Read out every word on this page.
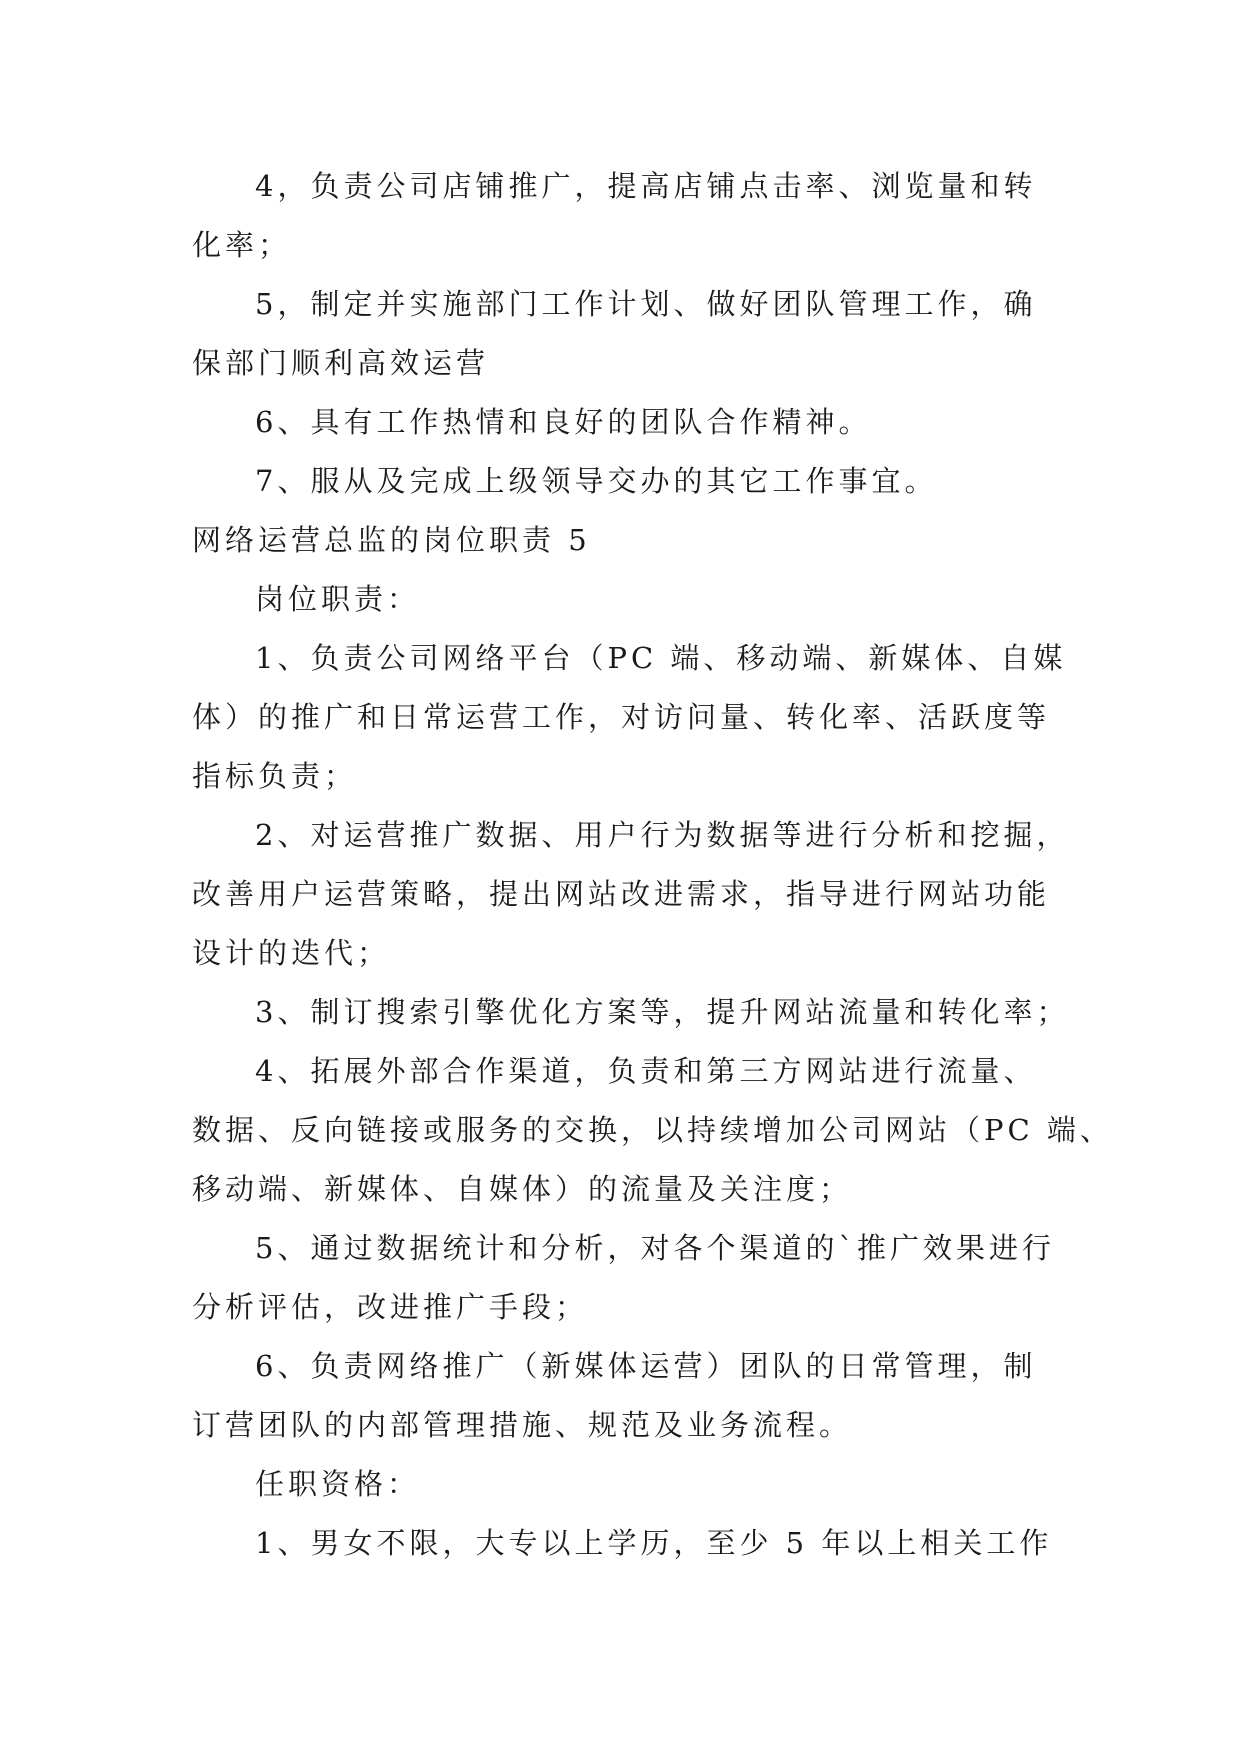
4，负责公司店铺推广，提高店铺点击率、浏览量和转
化率；
5，制定并实施部门工作计划、做好团队管理工作，确
保部门顺利高效运营
6、具有工作热情和良好的团队合作精神。
7、服从及完成上级领导交办的其它工作事宜。
网络运营总监的岗位职责 5
岗位职责：
1、负责公司网络平台（PC 端、移动端、新媒体、自媒
体）的推广和日常运营工作，对访问量、转化率、活跃度等
指标负责；
2、对运营推广数据、用户行为数据等进行分析和挖掘，
改善用户运营策略，提出网站改进需求，指导进行网站功能
设计的迭代；
3、制订搜索引擎优化方案等，提升网站流量和转化率；
4、拓展外部合作渠道，负责和第三方网站进行流量、
数据、反向链接或服务的交换，以持续增加公司网站（PC 端、
移动端、新媒体、自媒体）的流量及关注度；
5、通过数据统计和分析，对各个渠道的`推广效果进行
分析评估，改进推广手段；
6、负责网络推广（新媒体运营）团队的日常管理，制
订营团队的内部管理措施、规范及业务流程。
任职资格：
1、男女不限，大专以上学历，至少 5 年以上相关工作
